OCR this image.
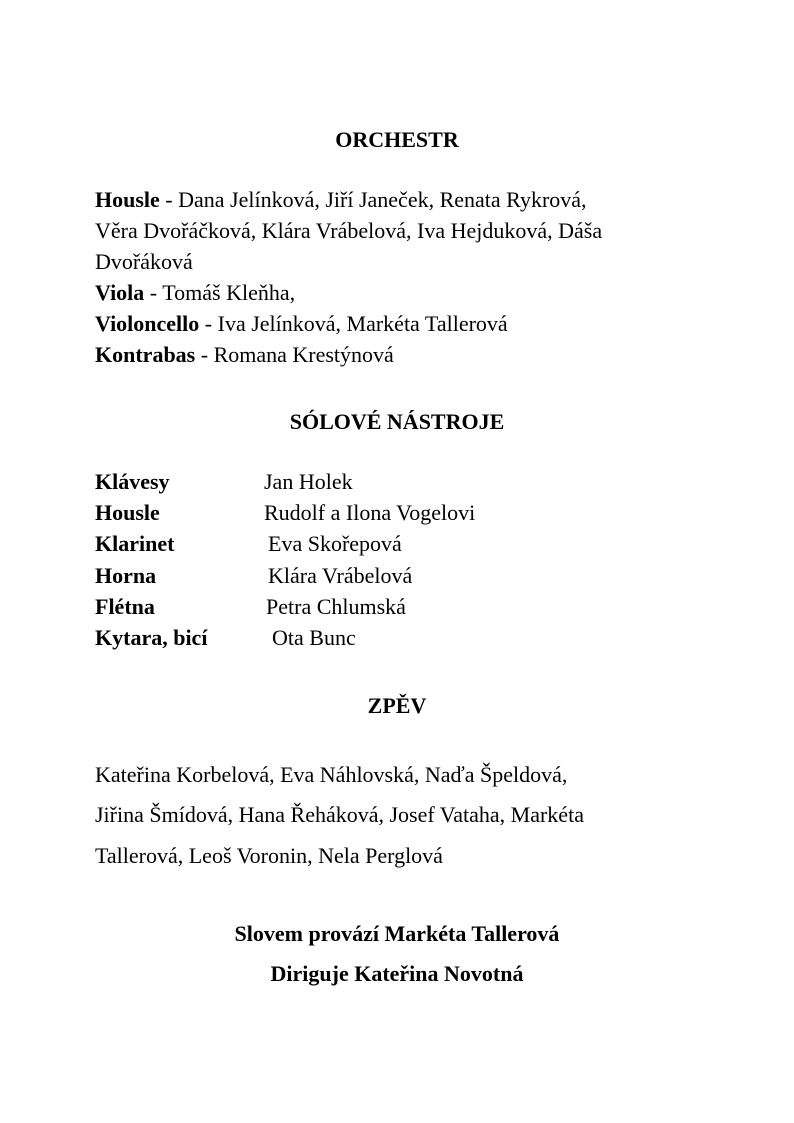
ORCHESTR
Housle - Dana Jelínková, Jiří Janeček, Renata Rykrová,
Věra Dvořáčková, Klára Vrábelová, Iva Hejduková, Dáša
Dvořáková
Viola - Tomáš Kleňha,
Violoncello - Iva Jelínková, Markéta Tallerová
Kontrabas - Romana Krestýnová
SÓLOVÉ NÁSTROJE
Klávesy	Jan Holek
Housle	Rudolf a Ilona Vogelovi
Klarinet	Eva Skořepová
Horna	Klára Vrábelová
Flétna	Petra Chlumská
Kytara, bicí	Ota Bunc
ZPĚV
Kateřina Korbelová, Eva Náhlovská, Naďa Špeldová,
Jiřina Šmídová, Hana Řeháková, Josef Vataha, Markéta
Tallerová, Leoš Voronin, Nela Perglová
Slovem provází Markéta Tallerová
Diriguje Kateřina Novotná
